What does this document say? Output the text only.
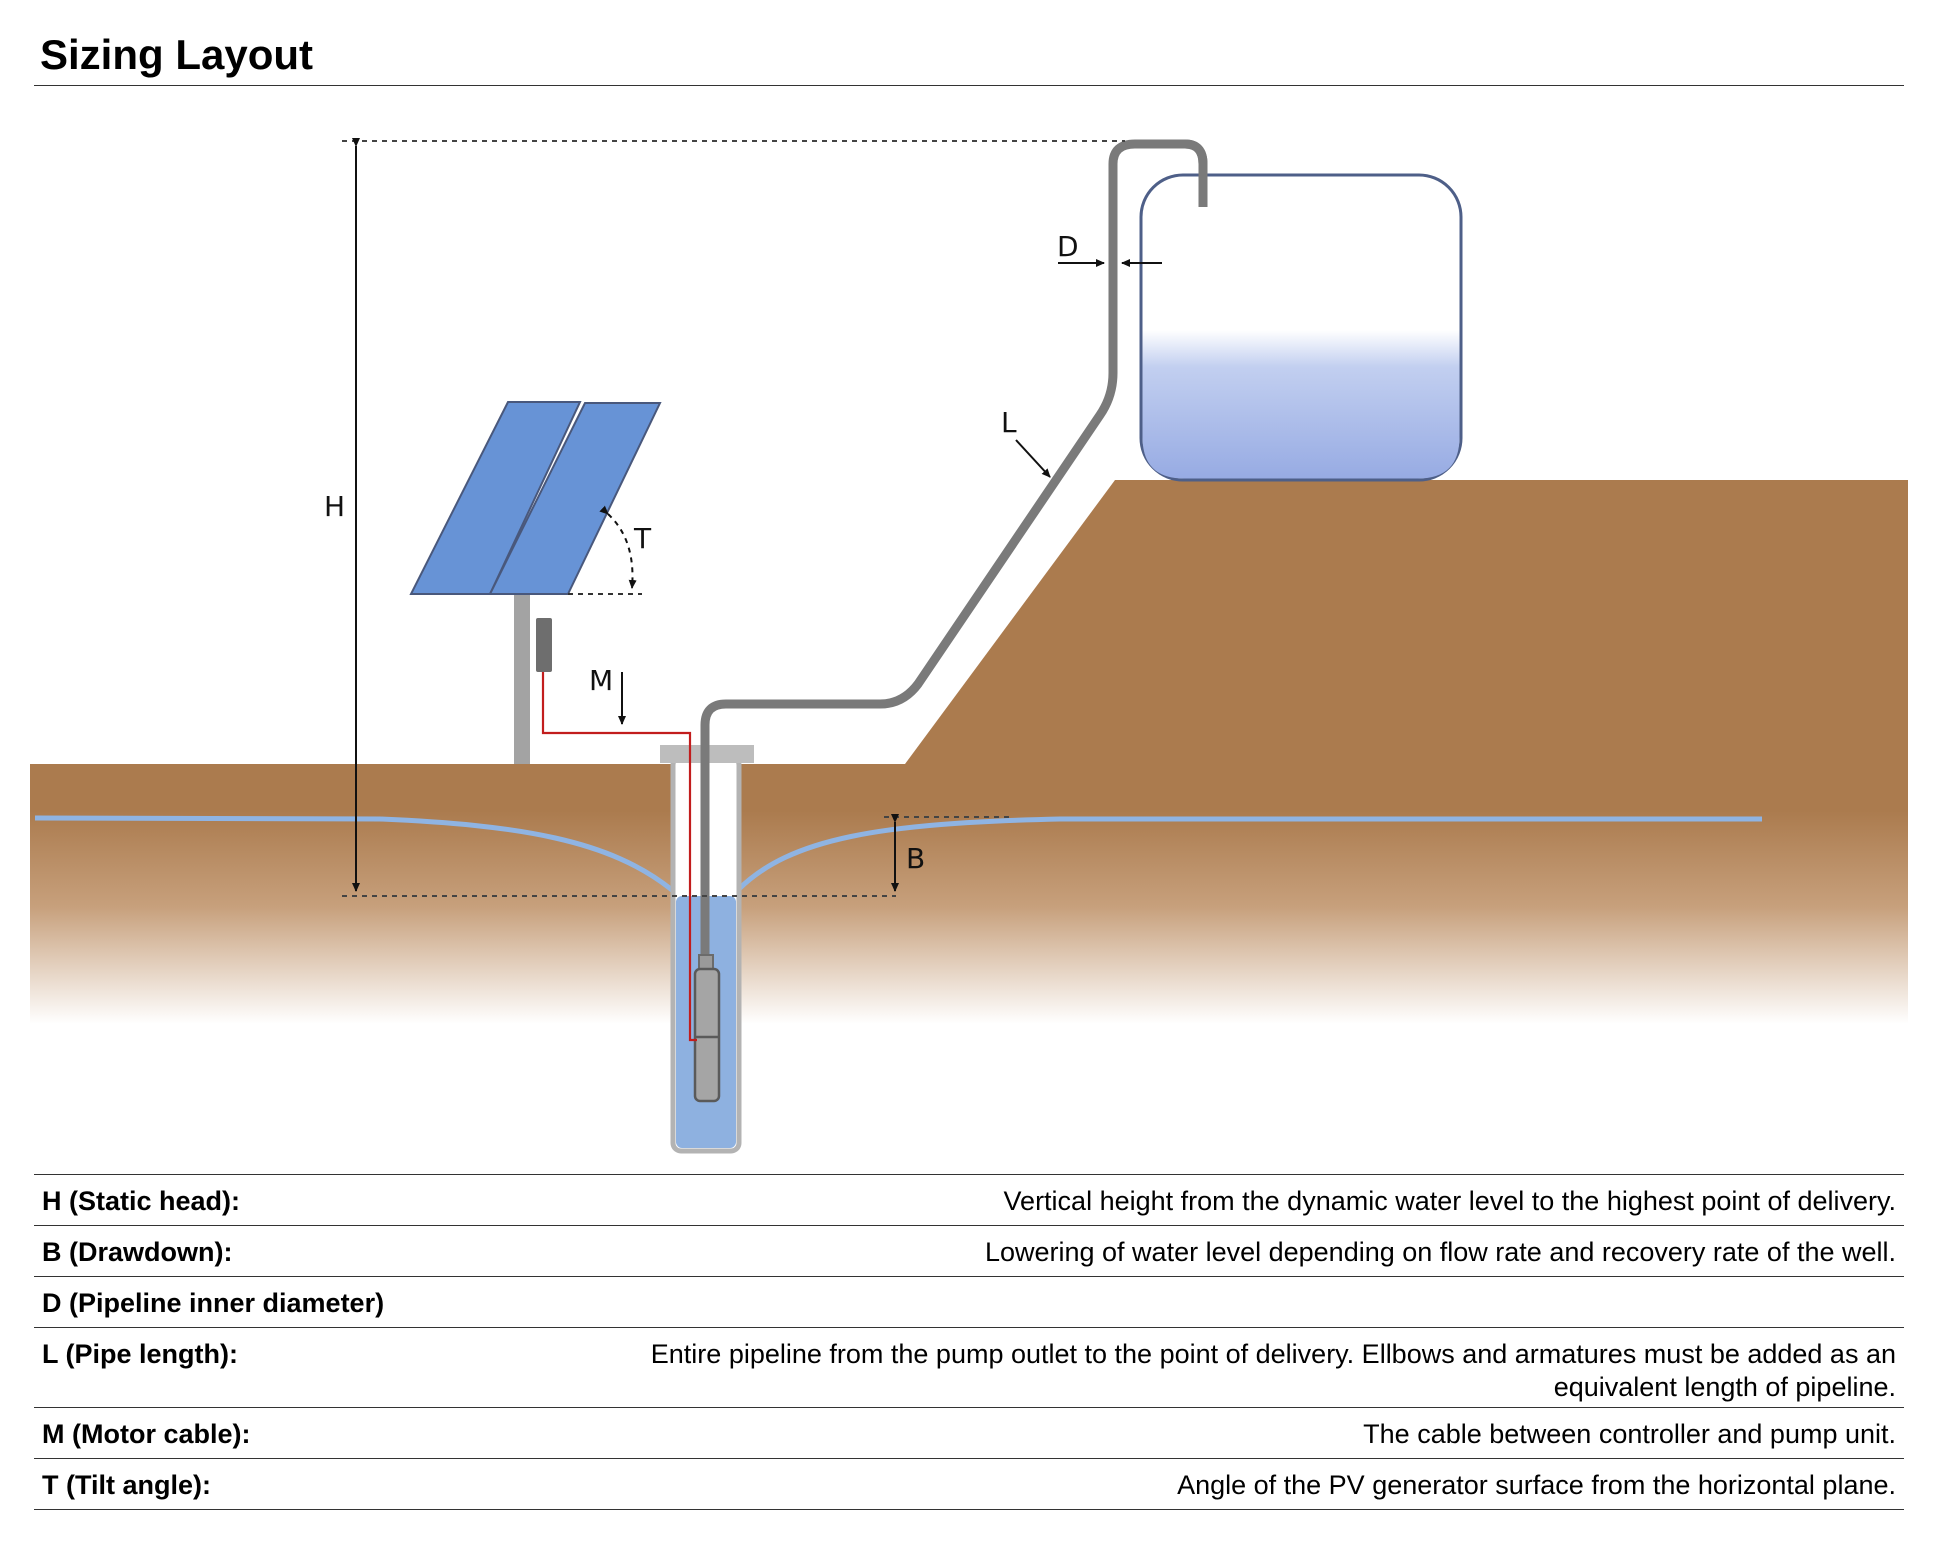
Sizing Layout
H
B
D
L
M
T
H (Static head):	Vertical height from the dynamic water level to the highest point of delivery.
B (Drawdown):	Lowering of water level depending on flow rate and recovery rate of the well.
D (Pipeline inner diameter)
L (Pipe length):	Entire pipeline from the pump outlet to the point of delivery. Ellbows and armatures must be added as an equivalent length of pipeline.
M (Motor cable):	The cable between controller and pump unit.
T (Tilt angle):	Angle of the PV generator surface from the horizontal plane.
